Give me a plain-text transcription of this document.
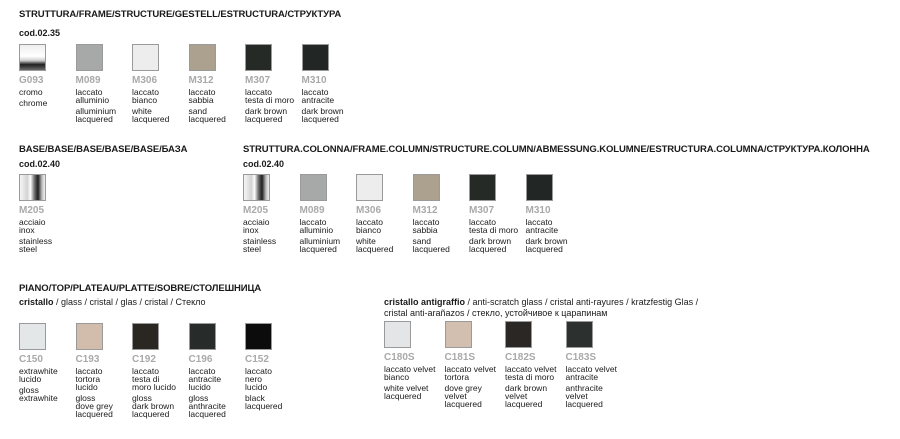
STRUTTURA/FRAME/STRUCTURE/GESTELL/ESTRUCTURA/СТРУКТУРА
cod.02.35
BASE/BASE/BASE/BASE/BASE/БАЗА
cod.02.40
STRUTTURA.COLONNA/FRAME.COLUMN/STRUCTURE.COLUMN/ABMESSUNG.KOLUMNE/ESTRUCTURA.COLUMNA/СТРУКТУРА.КОЛОННА
cod.02.40
PIANO/TOP/PLATEAU/PLATTE/SOBRE/СТОЛЕШНИЦА
cristallo / glass / cristal / glas / cristal / Стекло	cristallo antigraffio / anti-scratch glass / cristal anti-rayures / kratzfestig Glas /
cristal anti-arañazos / стекло, устойчивое к царапинам
G093
cromo
chrome
M089
laccato
alluminio
alluminium
lacquered
M306
laccato
bianco
white
lacquered
M312
laccato
sabbia
sand
lacquered
M307
laccato
testa di moro
dark brown
lacquered
M310
laccato
antracite
dark brown
lacquered
M205
acciaio
inox
stainless
steel
M205
acciaio
inox
stainless
steel
M089
laccato
alluminio
alluminium
lacquered
M306
laccato
bianco
white
lacquered
M312
laccato
sabbia
sand
lacquered
M307
laccato
testa di moro
dark brown
lacquered
M310
laccato
antracite
dark brown
lacquered
C150
extrawhite
lucido
gloss
extrawhite
C193
laccato
tortora
lucido
gloss
dove grey
lacquered
C192
laccato
testa di
moro lucido
gloss
dark brown
lacquered
C196
laccato
antracite
lucido
gloss
anthracite
lacquered
C152
laccato
nero
lucido
black
lacquered
C180S
laccato velvet
bianco
white velvet
lacquered
C181S
laccato velvet
tortora
dove grey
velvet
lacquered
C182S
laccato velvet
testa di moro
dark brown
velvet
lacquered
C183S
laccato velvet
antracite
anthracite
velvet
lacquered
